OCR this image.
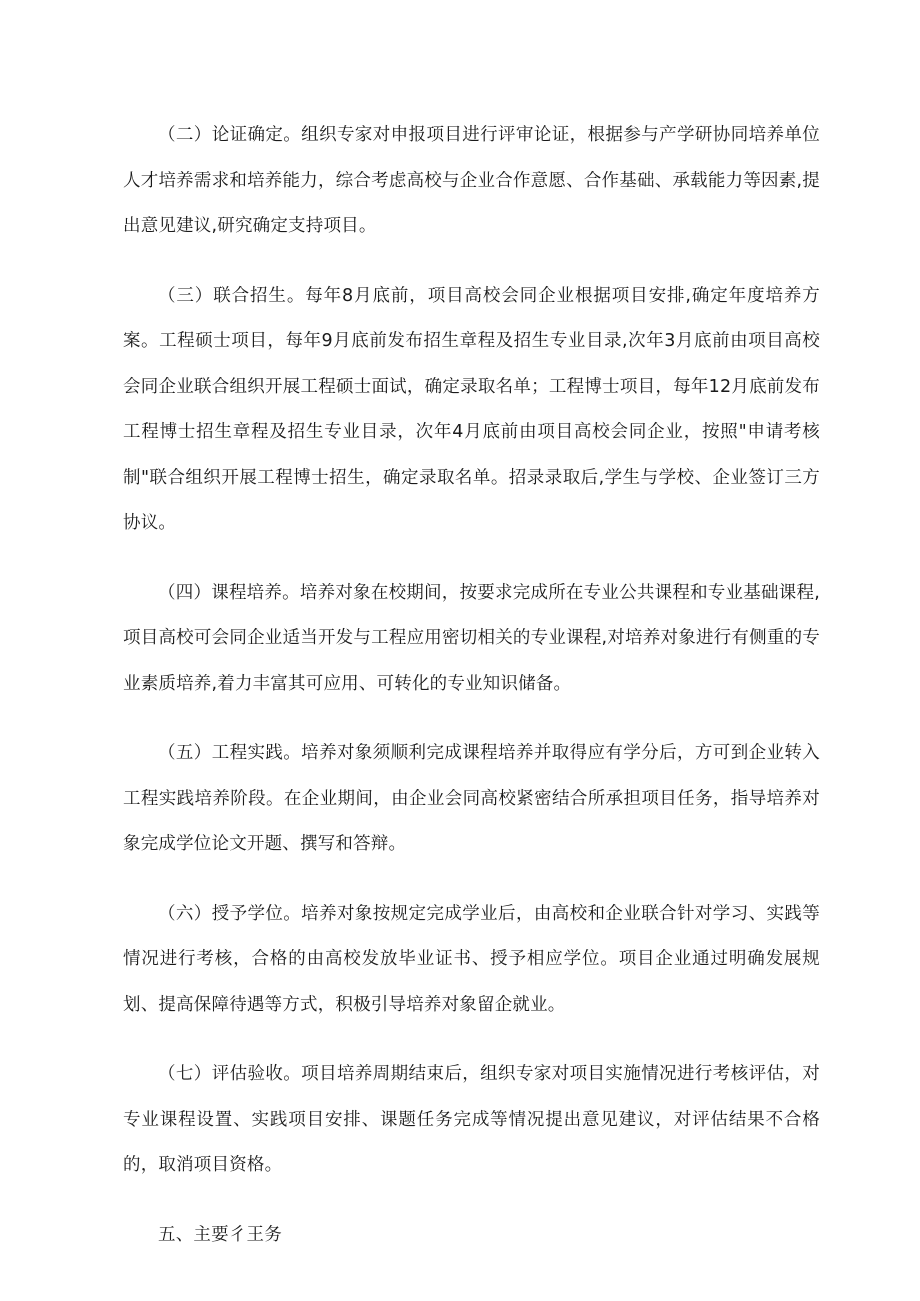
（二）论证确定。组织专家对申报项目进行评审论证，根据参与产学研协同培养单位人才培养需求和培养能力，综合考虑高校与企业合作意愿、合作基础、承载能力等因素,提出意见建议,研究确定支持项目。

（三）联合招生。每年8月底前，项目高校会同企业根据项目安排,确定年度培养方案。工程硕士项目，每年9月底前发布招生章程及招生专业目录,次年3月底前由项目高校会同企业联合组织开展工程硕士面试，确定录取名单；工程博士项目，每年12月底前发布工程博士招生章程及招生专业目录，次年4月底前由项目高校会同企业，按照"申请考核制"联合组织开展工程博士招生，确定录取名单。招录录取后,学生与学校、企业签订三方协议。

（四）课程培养。培养对象在校期间，按要求完成所在专业公共课程和专业基础课程,项目高校可会同企业适当开发与工程应用密切相关的专业课程,对培养对象进行有侧重的专业素质培养,着力丰富其可应用、可转化的专业知识储备。

（五）工程实践。培养对象须顺利完成课程培养并取得应有学分后，方可到企业转入工程实践培养阶段。在企业期间，由企业会同高校紧密结合所承担项目任务，指导培养对象完成学位论文开题、撰写和答辩。

（六）授予学位。培养对象按规定完成学业后，由高校和企业联合针对学习、实践等情况进行考核，合格的由高校发放毕业证书、授予相应学位。项目企业通过明确发展规划、提高保障待遇等方式，积极引导培养对象留企就业。

（七）评估验收。项目培养周期结束后，组织专家对项目实施情况进行考核评估，对专业课程设置、实践项目安排、课题任务完成等情况提出意见建议，对评估结果不合格的，取消项目资格。

五、主要彳王务
